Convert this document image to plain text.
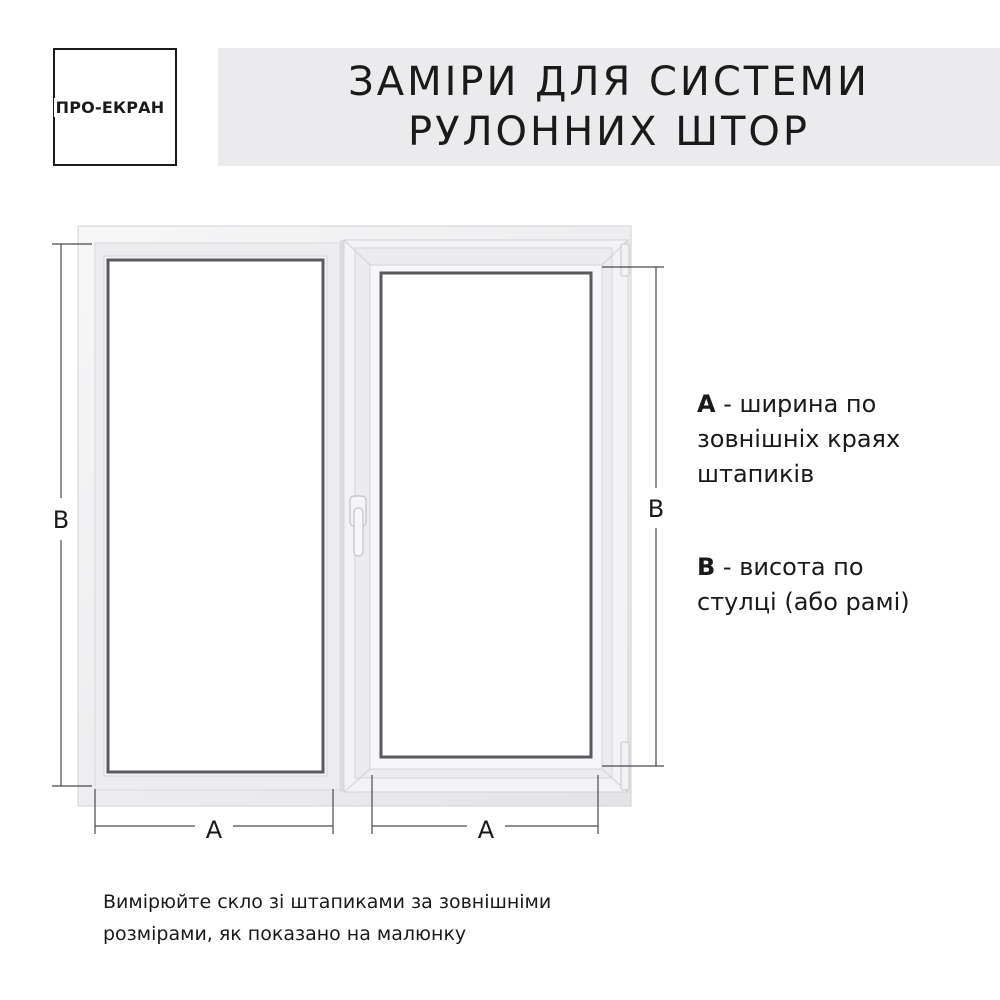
ПРО-ЕКРАН
ЗАМІРИ ДЛЯ СИСТЕМИ
РУЛОННИХ ШТОР
B	B
A	A
A - ширина по
зовнішніх краях
штапиків
B - висота по
стулці (або рамі)
Вимірюйте скло зі штапиками за зовнішніми
розмірами, як показано на малюнку
